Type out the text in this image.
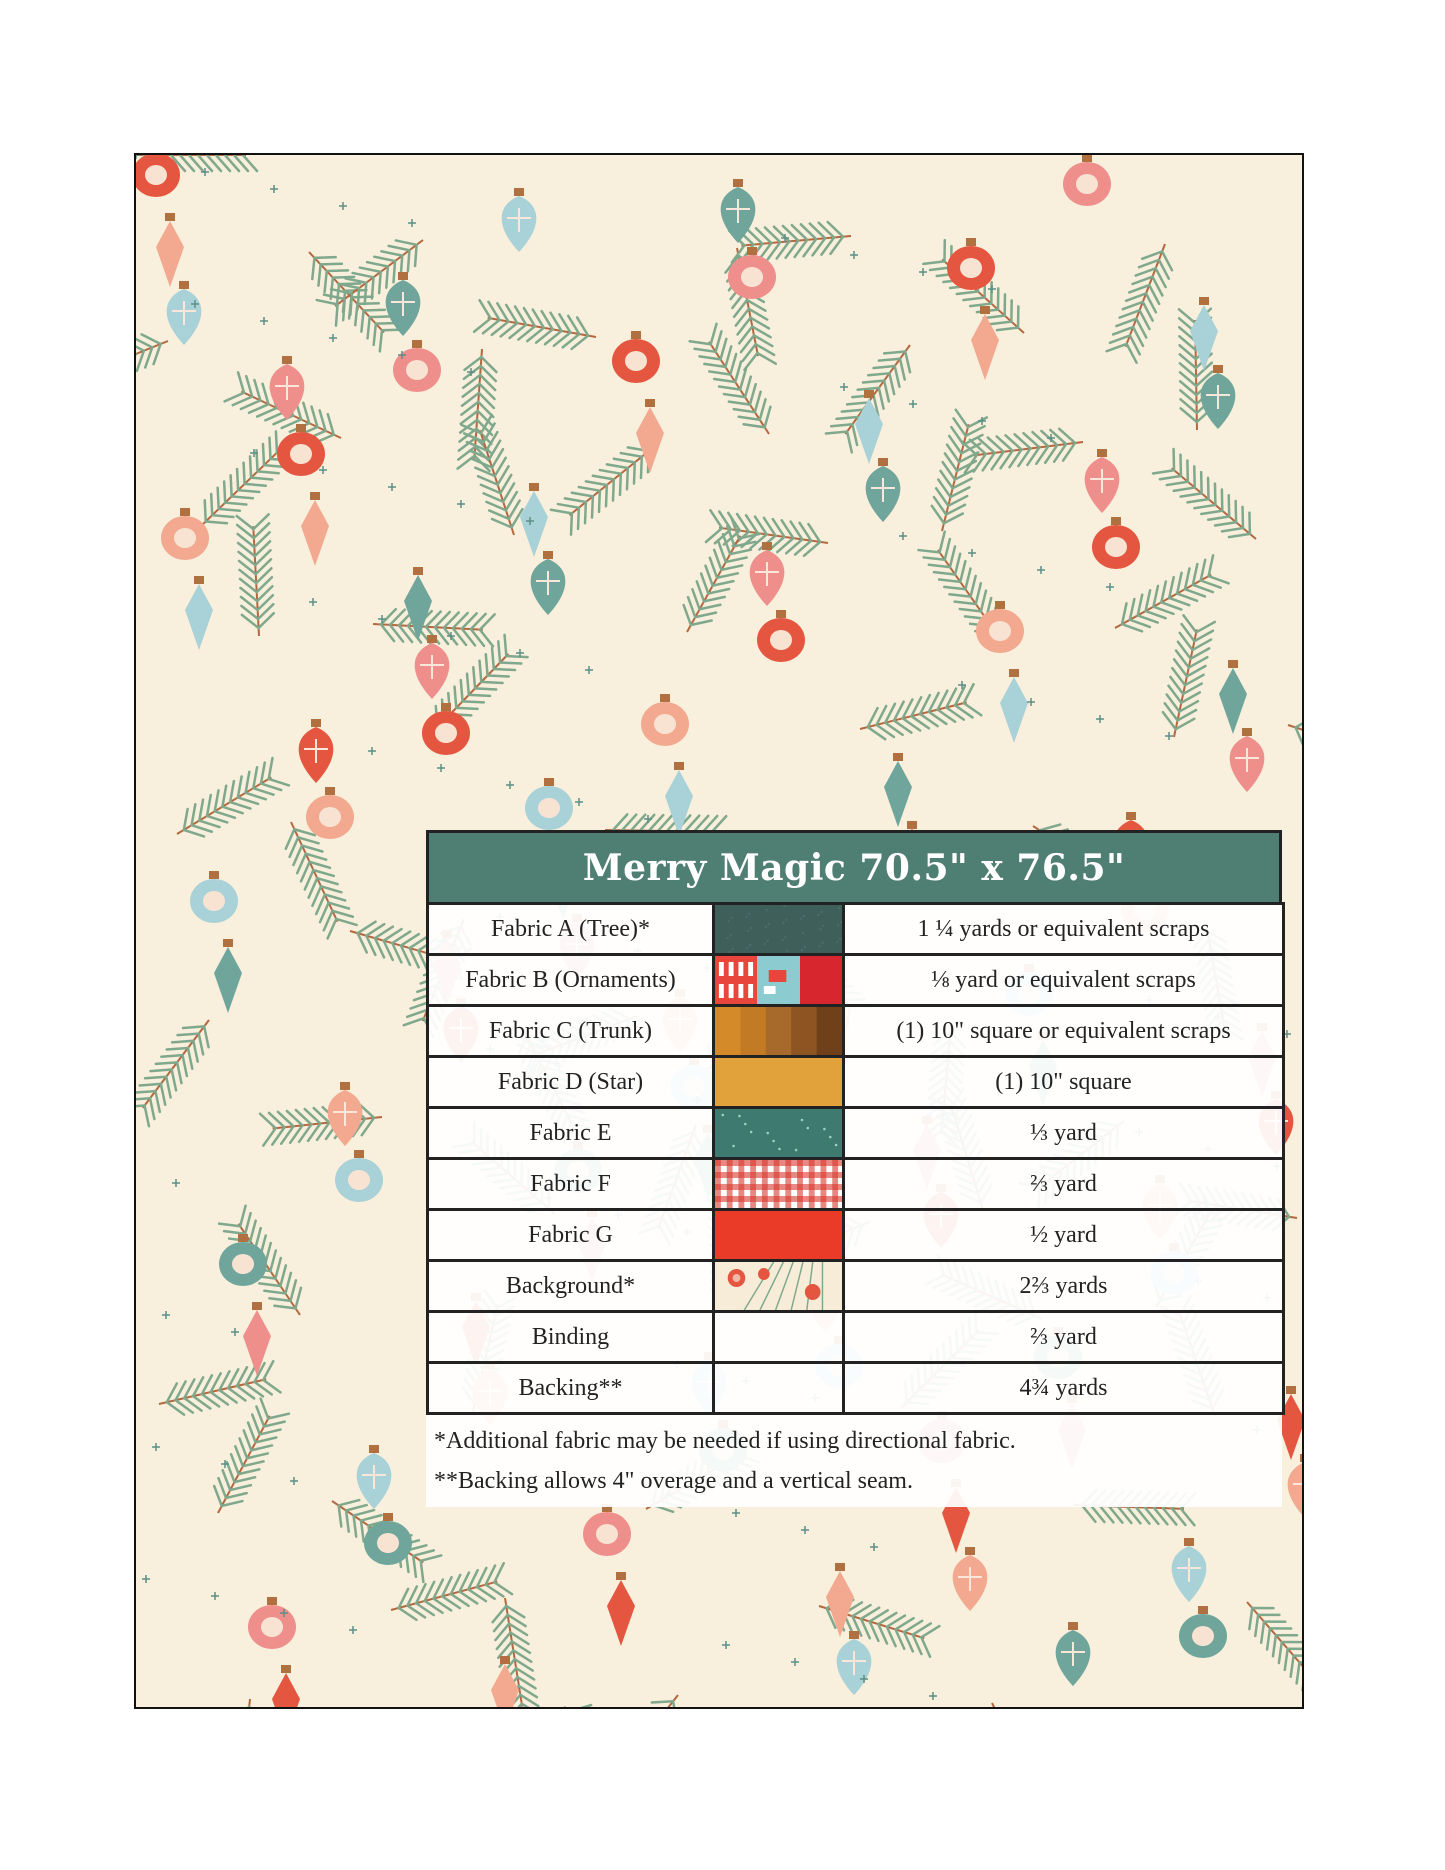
Merry Magic 70.5" x 76.5"
Fabric A (Tree)*		1 ¼ yards or equivalent scraps
Fabric B (Ornaments)		⅛ yard or equivalent scraps
Fabric C (Trunk)		(1) 10" square or equivalent scraps
Fabric D (Star)		(1) 10" square
Fabric E		⅓ yard
Fabric F		⅔ yard
Fabric G		½ yard
Background*		2⅔ yards
Binding		⅔ yard
Backing**		4¾ yards
*Additional fabric may be needed if using directional fabric.
**Backing allows 4" overage and a vertical seam.
